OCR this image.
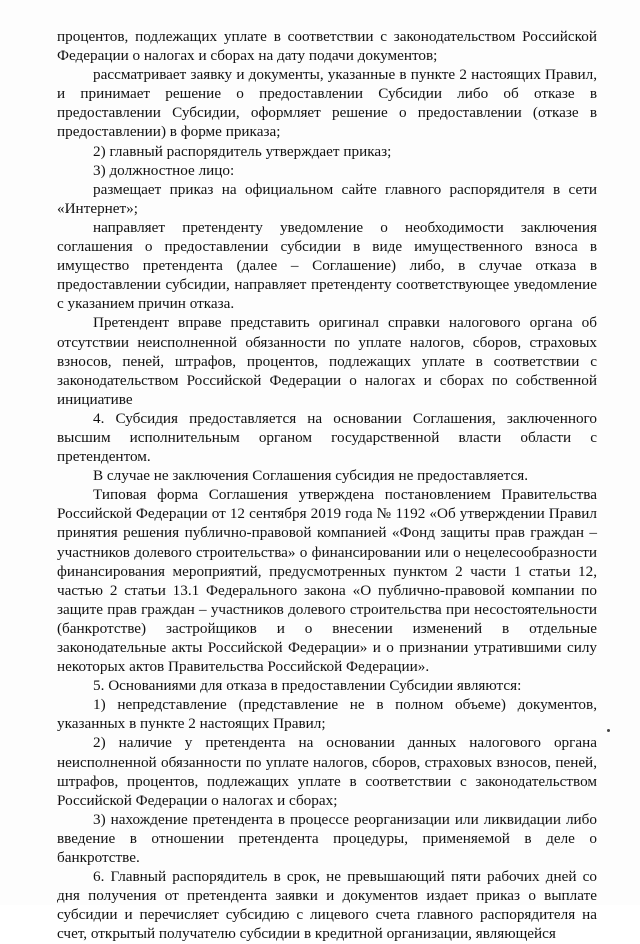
процентов, подлежащих уплате в соответствии с законодательством Российской Федерации о налогах и сборах на дату подачи документов;

рассматривает заявку и документы, указанные в пункте 2 настоящих Правил, и принимает решение о предоставлении Субсидии либо об отказе в предоставлении Субсидии, оформляет решение о предоставлении (отказе в предоставлении) в форме приказа;

2) главный распорядитель утверждает приказ;

3) должностное лицо:

размещает приказ на официальном сайте главного распорядителя в сети «Интернет»;

направляет претенденту уведомление о необходимости заключения соглашения о предоставлении субсидии в виде имущественного взноса в имущество претендента (далее – Соглашение) либо, в случае отказа в предоставлении субсидии, направляет претенденту соответствующее уведомление с указанием причин отказа.

Претендент вправе представить оригинал справки налогового органа об отсутствии неисполненной обязанности по уплате налогов, сборов, страховых взносов, пеней, штрафов, процентов, подлежащих уплате в соответствии с законодательством Российской Федерации о налогах и сборах по собственной инициативе

4. Субсидия предоставляется на основании Соглашения, заключенного высшим исполнительным органом государственной власти области с претендентом.

В случае не заключения Соглашения субсидия не предоставляется.

Типовая форма Соглашения утверждена постановлением Правительства Российской Федерации от 12 сентября 2019 года № 1192 «Об утверждении Правил принятия решения публично-правовой компанией «Фонд защиты прав граждан – участников долевого строительства» о финансировании или о нецелесообразности финансирования мероприятий, предусмотренных пунктом 2 части 1 статьи 12, частью 2 статьи 13.1 Федерального закона «О публично-правовой компании по защите прав граждан – участников долевого строительства при несостоятельности (банкротстве) застройщиков и о внесении изменений в отдельные законодательные акты Российской Федерации» и о признании утратившими силу некоторых актов Правительства Российской Федерации».

5. Основаниями для отказа в предоставлении Субсидии являются:

1) непредставление (представление не в полном объеме) документов, указанных в пункте 2 настоящих Правил;

2) наличие у претендента на основании данных налогового органа неисполненной обязанности по уплате налогов, сборов, страховых взносов, пеней, штрафов, процентов, подлежащих уплате в соответствии с законодательством Российской Федерации о налогах и сборах;

3) нахождение претендента в процессе реорганизации или ликвидации либо введение в отношении претендента процедуры, применяемой в деле о банкротстве.

6. Главный распорядитель в срок, не превышающий пяти рабочих дней со дня получения от претендента заявки и документов издает приказ о выплате субсидии и перечисляет субсидию с лицевого счета главного распорядителя на счет, открытый получателю субсидии в кредитной организации, являющейся
